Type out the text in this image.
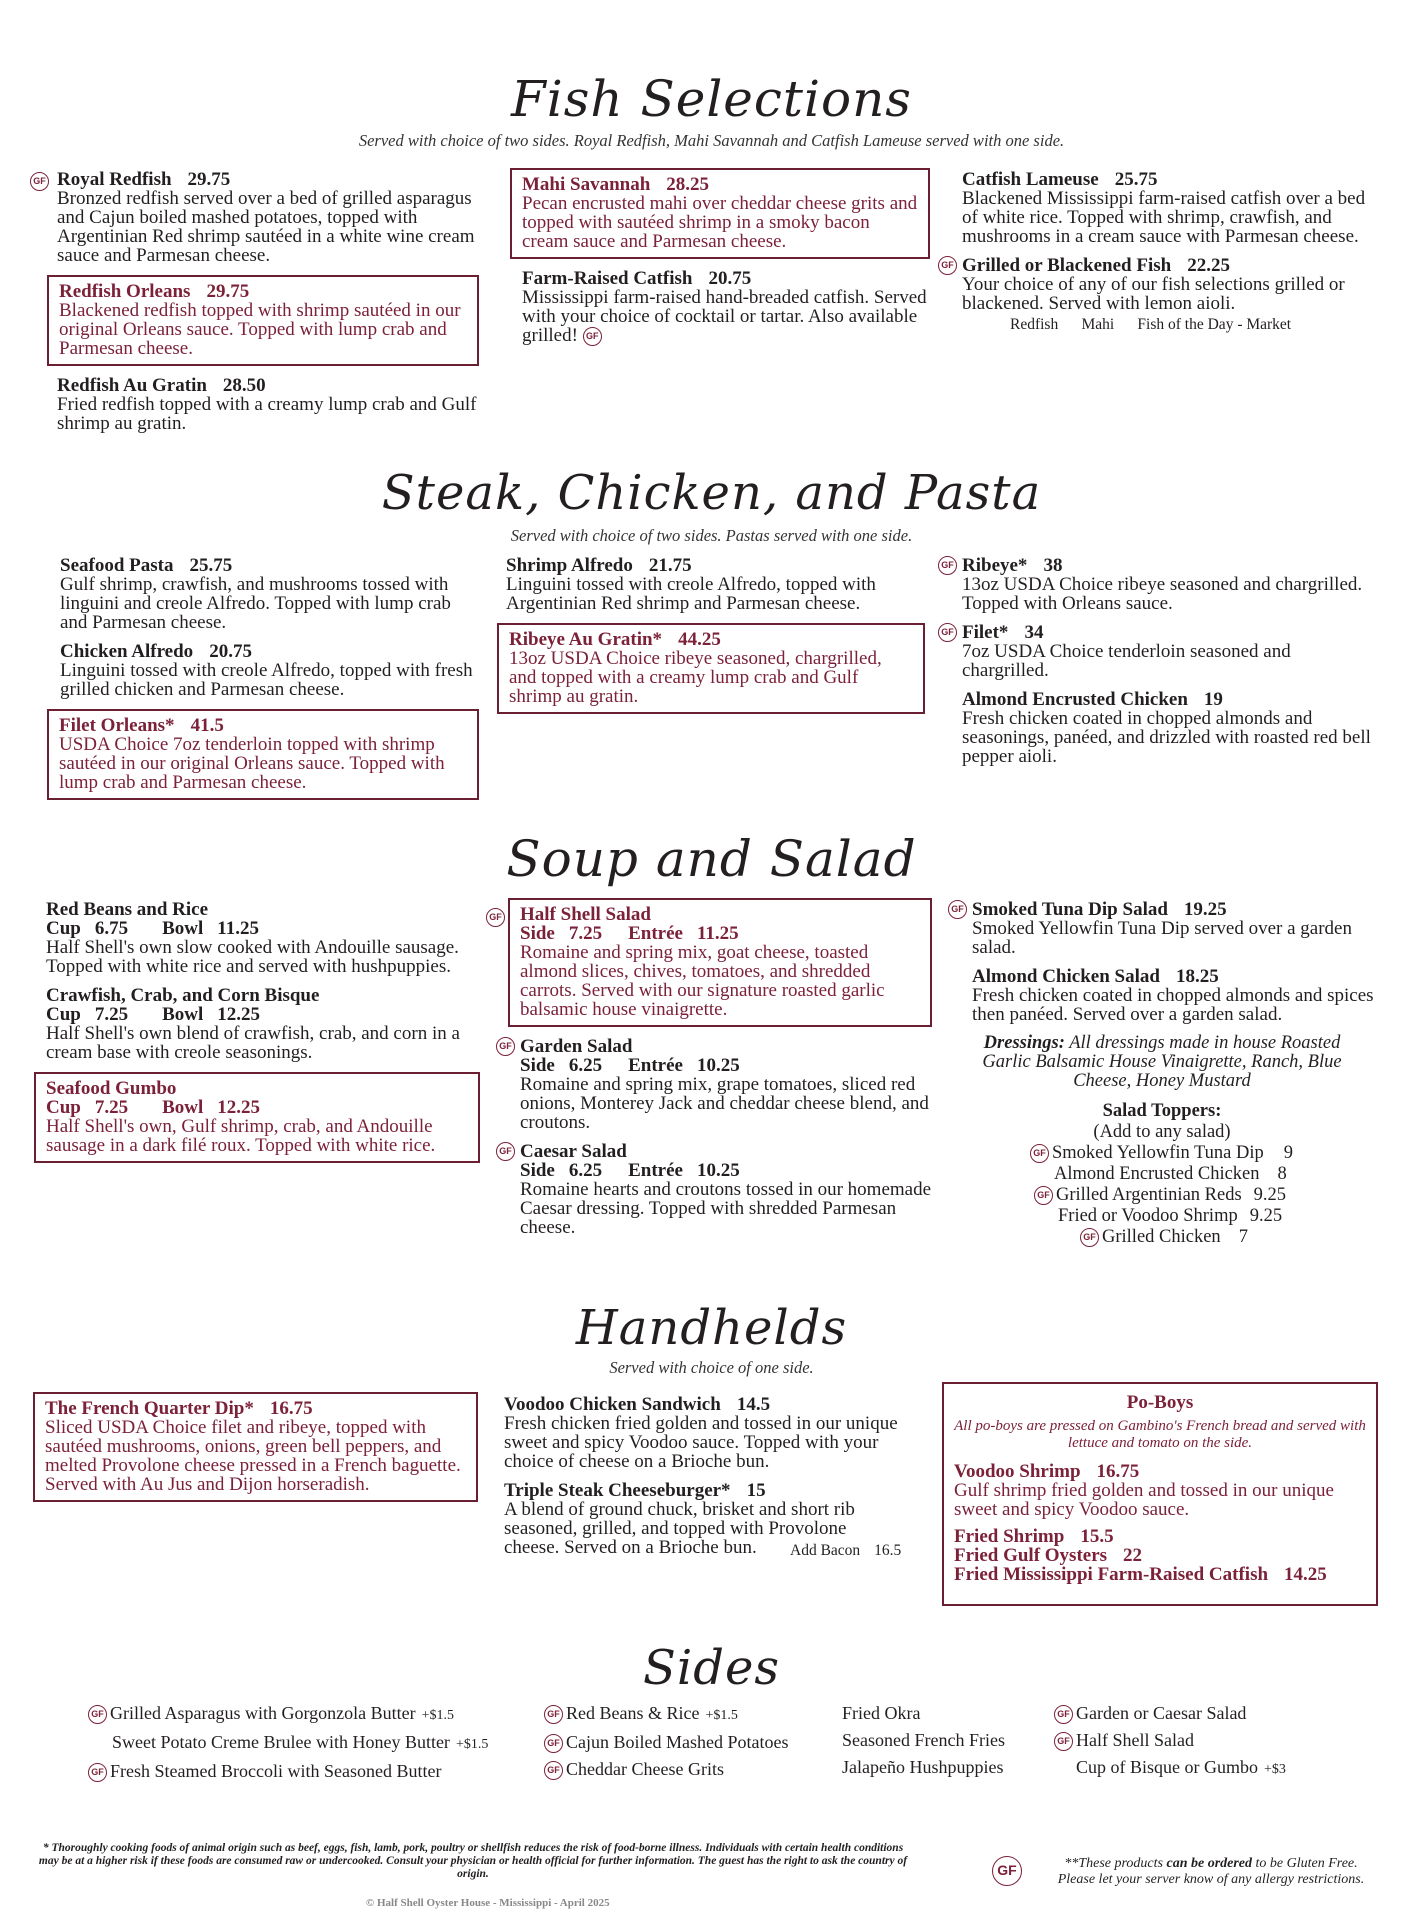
Fish Selections
Served with choice of two sides. Royal Redfish, Mahi Savannah and Catfish Lameuse served with one side.
GF Royal Redfish 29.75
Bronzed redfish served over a bed of grilled asparagus and Cajun boiled mashed potatoes, topped with Argentinian Red shrimp sautéed in a white wine cream sauce and Parmesan cheese.
Redfish Orleans 29.75
Blackened redfish topped with shrimp sautéed in our original Orleans sauce. Topped with lump crab and Parmesan cheese.
Redfish Au Gratin 28.50
Fried redfish topped with a creamy lump crab and Gulf shrimp au gratin.
Mahi Savannah 28.25
Pecan encrusted mahi over cheddar cheese grits and topped with sautéed shrimp in a smoky bacon cream sauce and Parmesan cheese.
Farm-Raised Catfish 20.75
Mississippi farm-raised hand-breaded catfish. Served with your choice of cocktail or tartar. Also available grilled! GF
Catfish Lameuse 25.75
Blackened Mississippi farm-raised catfish over a bed of white rice. Topped with shrimp, crawfish, and mushrooms in a cream sauce with Parmesan cheese.
GF Grilled or Blackened Fish 22.25
Your choice of any of our fish selections grilled or blackened. Served with lemon aioli.
Redfish      Mahi      Fish of the Day - Market
Steak, Chicken, and Pasta
Served with choice of two sides. Pastas served with one side.
Seafood Pasta 25.75
Gulf shrimp, crawfish, and mushrooms tossed with linguini and creole Alfredo. Topped with lump crab and Parmesan cheese.
Chicken Alfredo 20.75
Linguini tossed with creole Alfredo, topped with fresh grilled chicken and Parmesan cheese.
Filet Orleans* 41.5
USDA Choice 7oz tenderloin topped with shrimp sautéed in our original Orleans sauce. Topped with lump crab and Parmesan cheese.
Shrimp Alfredo 21.75
Linguini tossed with creole Alfredo, topped with Argentinian Red shrimp and Parmesan cheese.
Ribeye Au Gratin* 44.25
13oz USDA Choice ribeye seasoned, chargrilled, and topped with a creamy lump crab and Gulf shrimp au gratin.
GF Ribeye* 38
13oz USDA Choice ribeye seasoned and chargrilled. Topped with Orleans sauce.
GF Filet* 34
7oz USDA Choice tenderloin seasoned and chargrilled.
Almond Encrusted Chicken 19
Fresh chicken coated in chopped almonds and seasonings, panéed, and drizzled with roasted red bell pepper aioli.
Soup and Salad
Red Beans and Rice
Cup 6.75 Bowl 11.25
Half Shell's own slow cooked with Andouille sausage. Topped with white rice and served with hushpuppies.
Crawfish, Crab, and Corn Bisque
Cup 7.25 Bowl 12.25
Half Shell's own blend of crawfish, crab, and corn in a cream base with creole seasonings.
Seafood Gumbo
Cup 7.25 Bowl 12.25
Half Shell's own, Gulf shrimp, crab, and Andouille sausage in a dark filé roux. Topped with white rice.
GF Half Shell Salad
Side 7.25 Entrée 11.25
Romaine and spring mix, goat cheese, toasted almond slices, chives, tomatoes, and shredded carrots. Served with our signature roasted garlic balsamic house vinaigrette.
GF Garden Salad
Side 6.25 Entrée 10.25
Romaine and spring mix, grape tomatoes, sliced red onions, Monterey Jack and cheddar cheese blend, and croutons.
GF Caesar Salad
Side 6.25 Entrée 10.25
Romaine hearts and croutons tossed in our homemade Caesar dressing. Topped with shredded Parmesan cheese.
GF Smoked Tuna Dip Salad 19.25
Smoked Yellowfin Tuna Dip served over a garden salad.
Almond Chicken Salad 18.25
Fresh chicken coated in chopped almonds and spices then panéed. Served over a garden salad.
Dressings: All dressings made in house Roasted Garlic Balsamic House Vinaigrette, Ranch, Blue Cheese, Honey Mustard
Salad Toppers:
(Add to any salad)
GF Smoked Yellowfin Tuna Dip 9
Almond Encrusted Chicken 8
GF Grilled Argentinian Reds 9.25
Fried or Voodoo Shrimp 9.25
GF Grilled Chicken 7
Handhelds
Served with choice of one side.
The French Quarter Dip* 16.75
Sliced USDA Choice filet and ribeye, topped with sautéed mushrooms, onions, green bell peppers, and melted Provolone cheese pressed in a French baguette. Served with Au Jus and Dijon horseradish.
Voodoo Chicken Sandwich 14.5
Fresh chicken fried golden and tossed in our unique sweet and spicy Voodoo sauce. Topped with your choice of cheese on a Brioche bun.
Triple Steak Cheeseburger* 15
A blend of ground chuck, brisket and short rib seasoned, grilled, and topped with Provolone cheese. Served on a Brioche bun.	Add Bacon 16.5
Po-Boys
All po-boys are pressed on Gambino's French bread and served with lettuce and tomato on the side.
Voodoo Shrimp 16.75
Gulf shrimp fried golden and tossed in our unique sweet and spicy Voodoo sauce.
Fried Shrimp 15.5
Fried Gulf Oysters 22
Fried Mississippi Farm-Raised Catfish 14.25
Sides
GF Grilled Asparagus with Gorgonzola Butter +$1.5
Sweet Potato Creme Brulee with Honey Butter +$1.5
GF Fresh Steamed Broccoli with Seasoned Butter
GF Red Beans & Rice +$1.5
GF Cajun Boiled Mashed Potatoes
GF Cheddar Cheese Grits
Fried Okra
Seasoned French Fries
Jalapeño Hushpuppies
GF Garden or Caesar Salad
GF Half Shell Salad
Cup of Bisque or Gumbo +$3
* Thoroughly cooking foods of animal origin such as beef, eggs, fish, lamb, pork, poultry or shellfish reduces the risk of food-borne illness. Individuals with certain health conditions may be at a higher risk if these foods are consumed raw or undercooked. Consult your physician or health official for further information. The guest has the right to ask the country of origin.
© Half Shell Oyster House - Mississippi - April 2025
GF	**These products can be ordered to be Gluten Free.
Please let your server know of any allergy restrictions.
